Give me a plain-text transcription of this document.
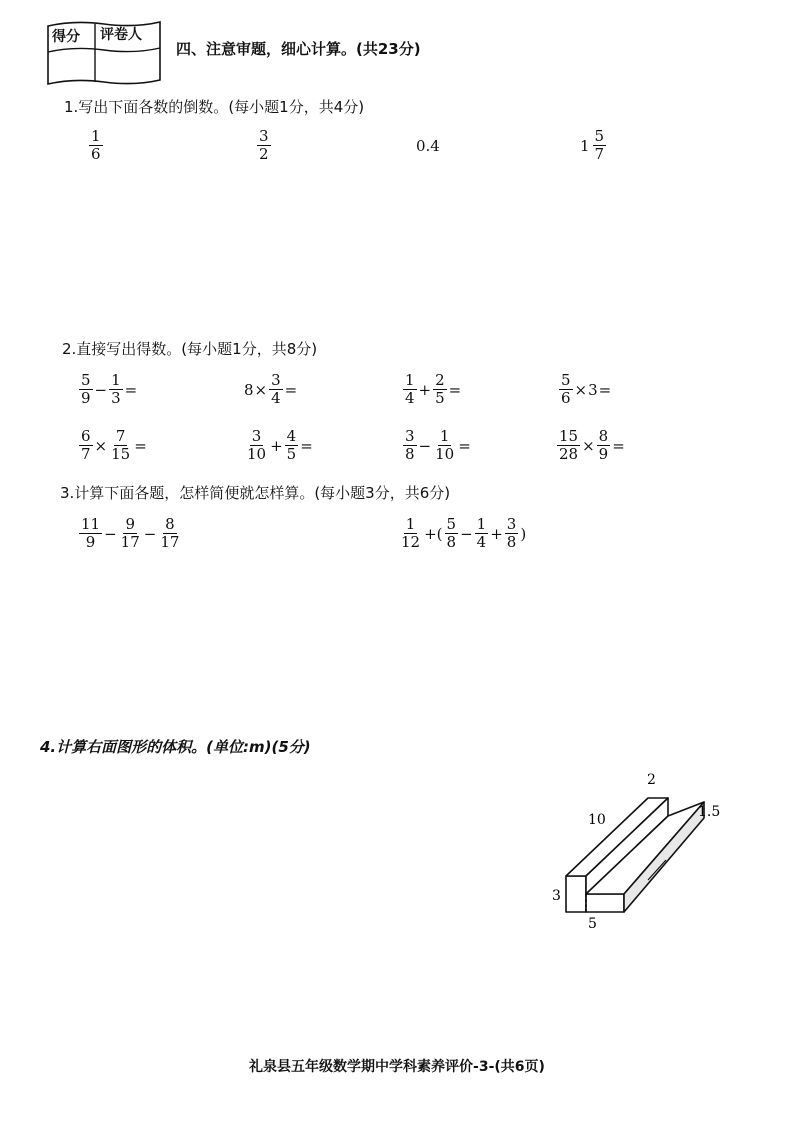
得分 评卷人
四、注意审题，细心计算。(共23分)
1.写出下面各数的倒数。(每小题1分，共4分)
$\frac{1}{6}$	$\frac{3}{2}$	0.4	$1 \frac{5}{7}$
2.直接写出得数。(每小题1分，共8分)
$\frac{5}{9} - \frac{1}{3}$ =	$8 \times \frac{3}{4}$ =	$\frac{1}{4} + \frac{2}{5}$ =	$\frac{5}{6} \times 3$ =
$\frac{6}{7} \times \frac{7}{15}$ =	$\frac{3}{10} + \frac{4}{5}$ =	$\frac{3}{8} - \frac{1}{10}$ =	$\frac{15}{28} \times \frac{8}{9}$ =
3.计算下面各题，怎样简便就怎样算。(每小题3分，共6分)
$\frac{11}{9} - \frac{9}{17} - \frac{8}{17}$	$\frac{1}{12}$ +( $\frac{5}{8} - \frac{1}{4} + \frac{3}{8}$ )
4.计算右面图形的体积。(单位:m)(5分)
2
10	1.5
3
5
礼泉县五年级数学期中学科素养评价-3-(共6页)
